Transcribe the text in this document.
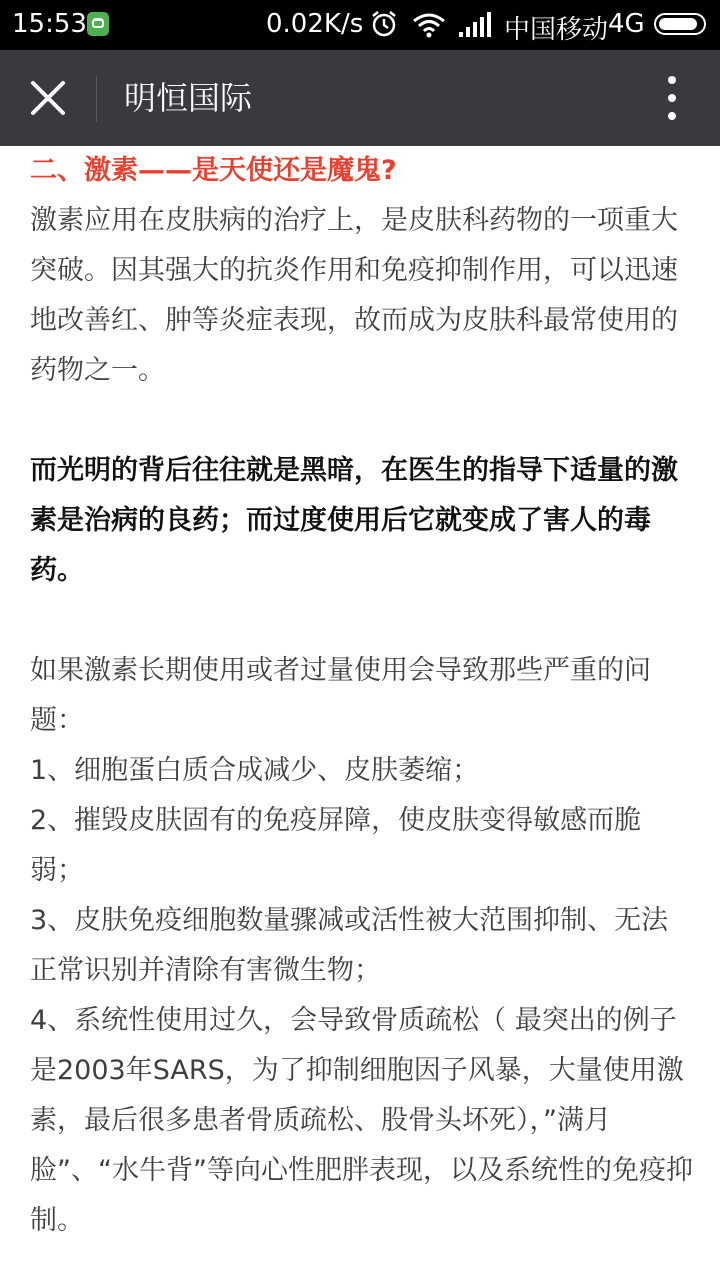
15:53	0.02K/s	中国移动 4G
明恒国际

二、激素——是天使还是魔鬼?

激素应用在皮肤病的治疗上，是皮肤科药物的一项重大突破。因其强大的抗炎作用和免疫抑制作用，可以迅速地改善红、肿等炎症表现，故而成为皮肤科最常使用的药物之一。

而光明的背后往往就是黑暗，在医生的指导下适量的激素是治病的良药；而过度使用后它就变成了害人的毒药。

如果激素长期使用或者过量使用会导致那些严重的问题：

1、细胞蛋白质合成减少、皮肤萎缩；

2、摧毁皮肤固有的免疫屏障，使皮肤变得敏感而脆弱；

3、皮肤免疫细胞数量骤减或活性被大范围抑制、无法正常识别并清除有害微生物；

4、系统性使用过久，会导致骨质疏松（ 最突出的例子是2003年SARS，为了抑制细胞因子风暴，大量使用激素，最后很多患者骨质疏松、股骨头坏死），”满月脸”、“水牛背”等向心性肥胖表现，以及系统性的免疫抑制。
